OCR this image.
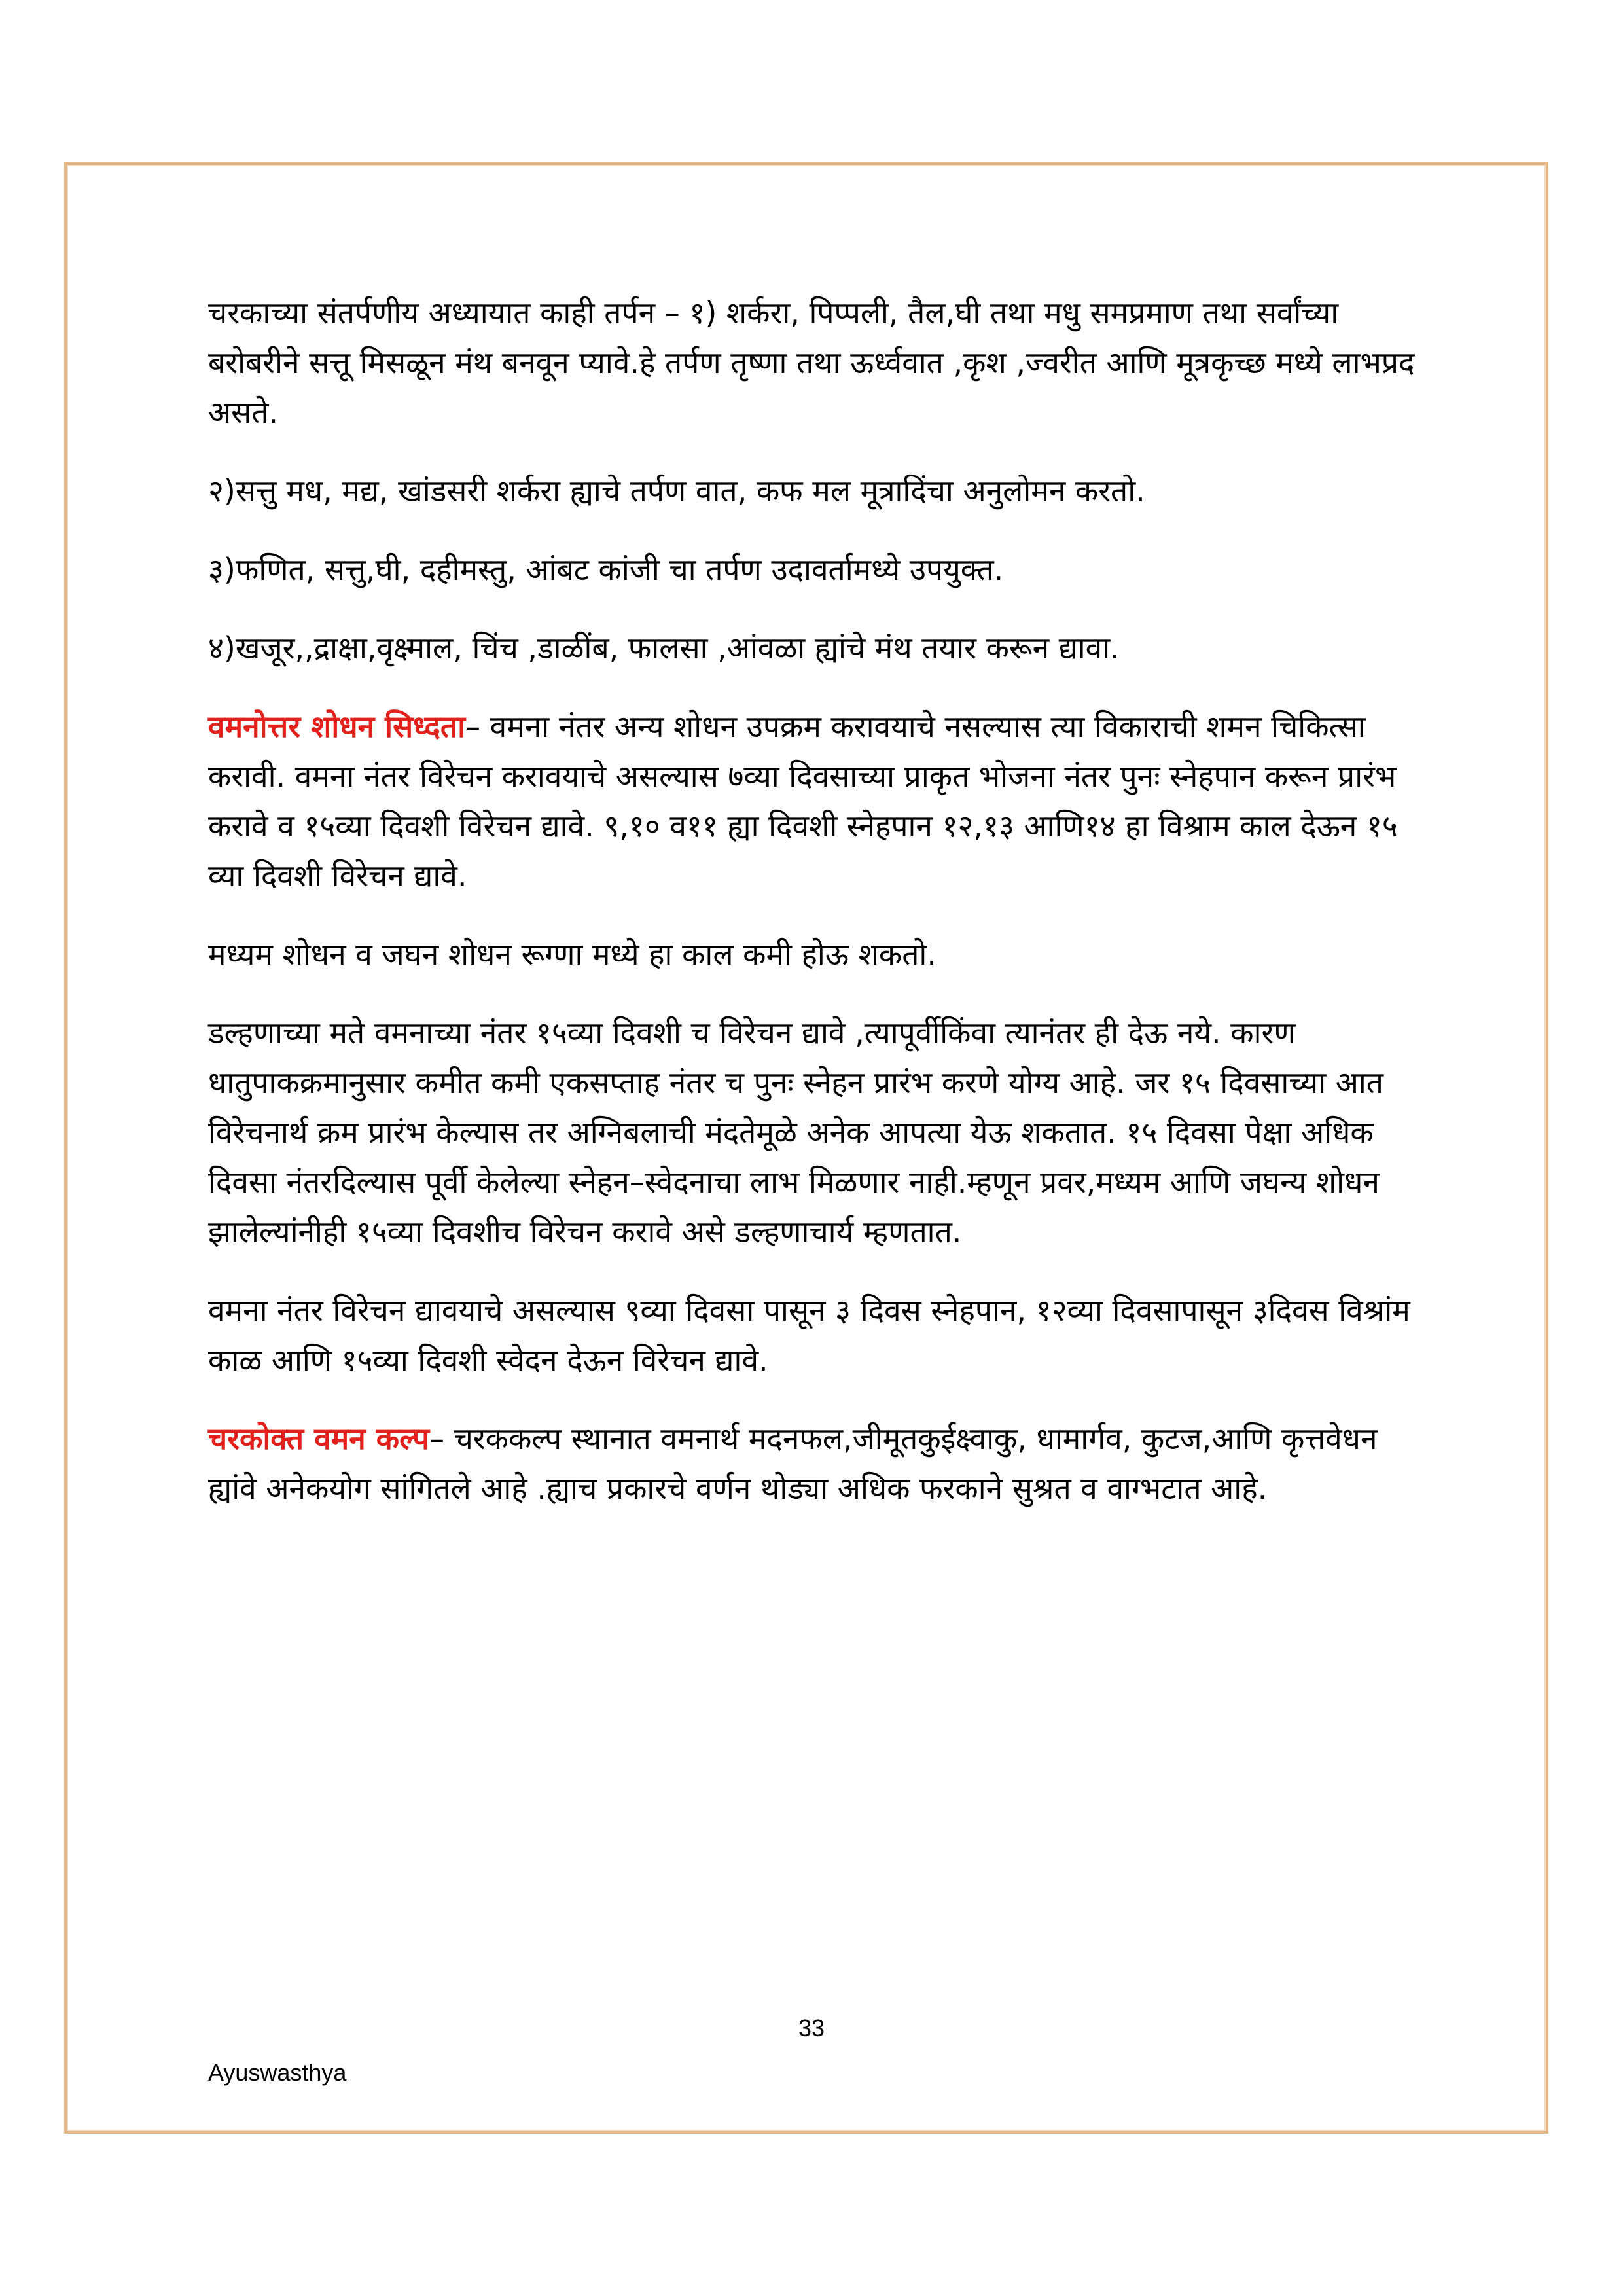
चरकाच्या संतर्पणीय अध्यायात काही तर्पन – १) शर्करा, पिप्पली, तैल,घी तथा मधु समप्रमाण तथा सर्वांच्या बरोबरीने सत्तू मिसळून मंथ बनवून प्यावे.हे तर्पण तृष्णा तथा ऊर्ध्ववात ,कृश ,ज्वरीत आणि मूत्रकृच्छ मध्ये लाभप्रद असते.

२)सत्तु मध, मद्य, खांडसरी शर्करा ह्याचे तर्पण वात, कफ मल मूत्रादिंचा अनुलोमन करतो.

३)फणित, सत्तु,घी, दहीमस्तु, आंबट कांजी चा तर्पण उदावर्तामध्ये उपयुक्त.

४)खजूर,,द्राक्षा,वृक्ष्माल, चिंच ,डाळींब, फालसा ,आंवळा ह्यांचे मंथ तयार करून द्यावा.

वमनोत्तर शोधन सिध्दता– वमना नंतर अन्य शोधन उपक्रम करावयाचे नसल्यास त्या विकाराची शमन चिकित्सा करावी. वमना नंतर विरेचन करावयाचे असल्यास ७व्या दिवसाच्या प्राकृत भोजना नंतर पुनः स्नेहपान करून प्रारंभ करावे व १५व्या दिवशी विरेचन द्यावे. ९,१० व११ ह्या दिवशी स्नेहपान १२,१३ आणि१४ हा विश्राम काल देऊन १५ व्या दिवशी विरेचन द्यावे.

मध्यम शोधन व जघन शोधन रूग्णा मध्ये हा काल कमी होऊ शकतो.

डल्हणाच्या मते वमनाच्या नंतर १५व्या दिवशी च विरेचन द्यावे ,त्यापूर्वीकिंवा त्यानंतर ही देऊ नये. कारण धातुपाकक्रमानुसार कमीत कमी एकसप्ताह नंतर च पुनः स्नेहन प्रारंभ करणे योग्य आहे. जर १५ दिवसाच्या आत विरेचनार्थ क्रम प्रारंभ केल्यास तर अग्निबलाची मंदतेमूळे अनेक आपत्या येऊ शकतात. १५ दिवसा पेक्षा अधिक दिवसा नंतरदिल्यास पूर्वी केलेल्या स्नेहन–स्वेदनाचा लाभ मिळणार नाही.म्हणून प्रवर,मध्यम आणि जघन्य शोधन झालेल्यांनीही १५व्या दिवशीच विरेचन करावे असे डल्हणाचार्य म्हणतात.

वमना नंतर विरेचन द्यावयाचे असल्यास ९व्या दिवसा पासून ३ दिवस स्नेहपान, १२व्या दिवसापासून ३दिवस विश्रांम काळ आणि १५व्या दिवशी स्वेदन देऊन विरेचन द्यावे.

चरकोक्त वमन कल्प– चरककल्प स्थानात वमनार्थ मदनफल,जीमूतकुईक्ष्वाकु, धामार्गव, कुटज,आणि कृत्तवेधन ह्यांवे अनेकयोग सांगितले आहे .ह्याच प्रकारचे वर्णन थोड्या अधिक फरकाने सुश्रत व वाग्भटात आहे.

33
Ayuswasthya
